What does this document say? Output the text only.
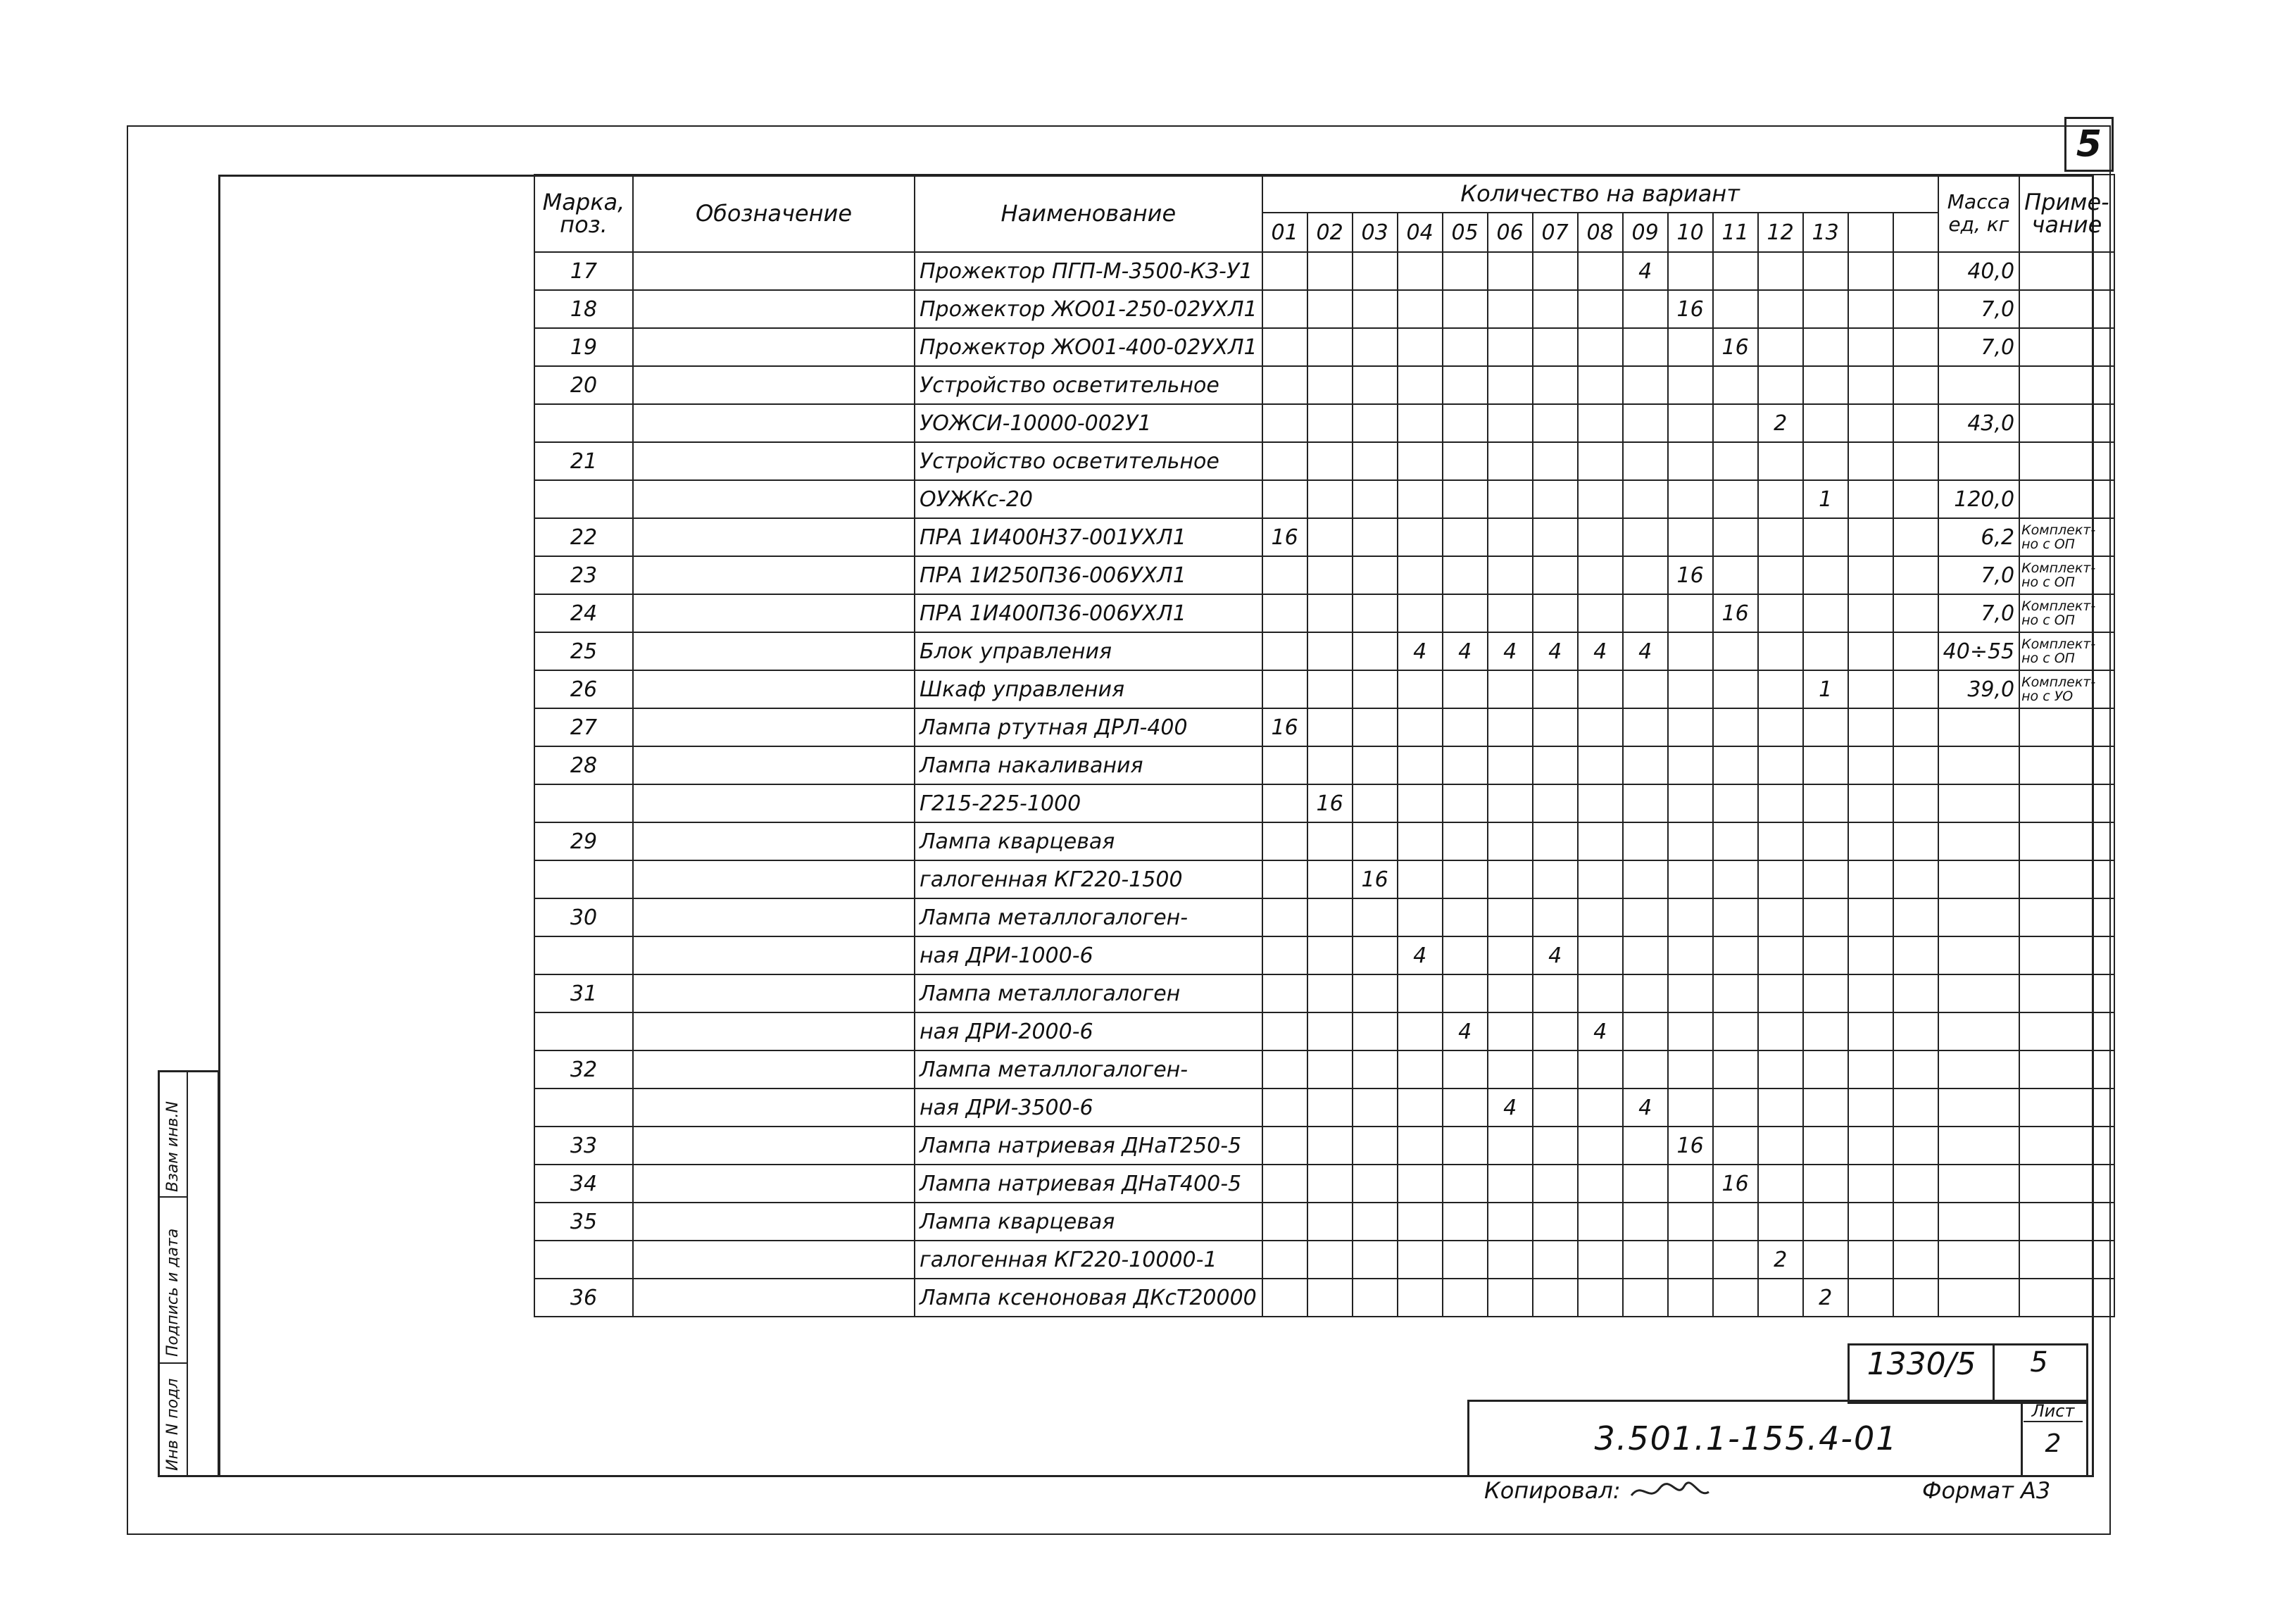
5
Взам инв.N
Подпись и дата
Инв N подл
Марка, поз.	Обозначение	Наименование	Количество на вариант															Масса ед, кг	Приме- чание
			01	02	03	04	05	06	07	08	09	10	11	12	13				
17		Прожектор ПГП-М-3500-КЗ-У1									4							40,0	
18		Прожектор ЖО01-250-02УХЛ1										16						7,0	
19		Прожектор ЖО01-400-02УХЛ1											16					7,0	
20		Устройство осветительное																	
		УОЖСИ-10000-002У1												2				43,0	
21		Устройство осветительное																	
		ОУЖКс-20													1			120,0	
22		ПРА 1И400Н37-001УХЛ1	16															6,2	Комплект- но с ОП
23		ПРА 1И250П36-006УХЛ1										16						7,0	Комплект- но с ОП
24		ПРА 1И400П36-006УХЛ1											16					7,0	Комплект- но с ОП
25		Блок управления				4	4	4	4	4	4							40÷55	Комплект- но с ОП
26		Шкаф управления													1			39,0	Комплект- но с УО
27		Лампа ртутная ДРЛ-400	16																
28		Лампа накаливания																	
		Г215-225-1000		16															
29		Лампа кварцевая																	
		галогенная КГ220-1500			16														
30		Лампа металлогалоген-																	
		ная ДРИ-1000-6				4			4										
31		Лампа металлогалоген																	
		ная ДРИ-2000-6					4			4									
32		Лампа металлогалоген-																	
		ная ДРИ-3500-6						4			4								
33		Лампа натриевая ДНаТ250-5										16							
34		Лампа натриевая ДНаТ400-5											16						
35		Лампа кварцевая																	
		галогенная КГ220-10000-1												2					
36		Лампа ксеноновая ДКсТ20000													2				
1330/5	5
3.501.1-155.4-01
Лист
2
Копировал:	Формат А3
